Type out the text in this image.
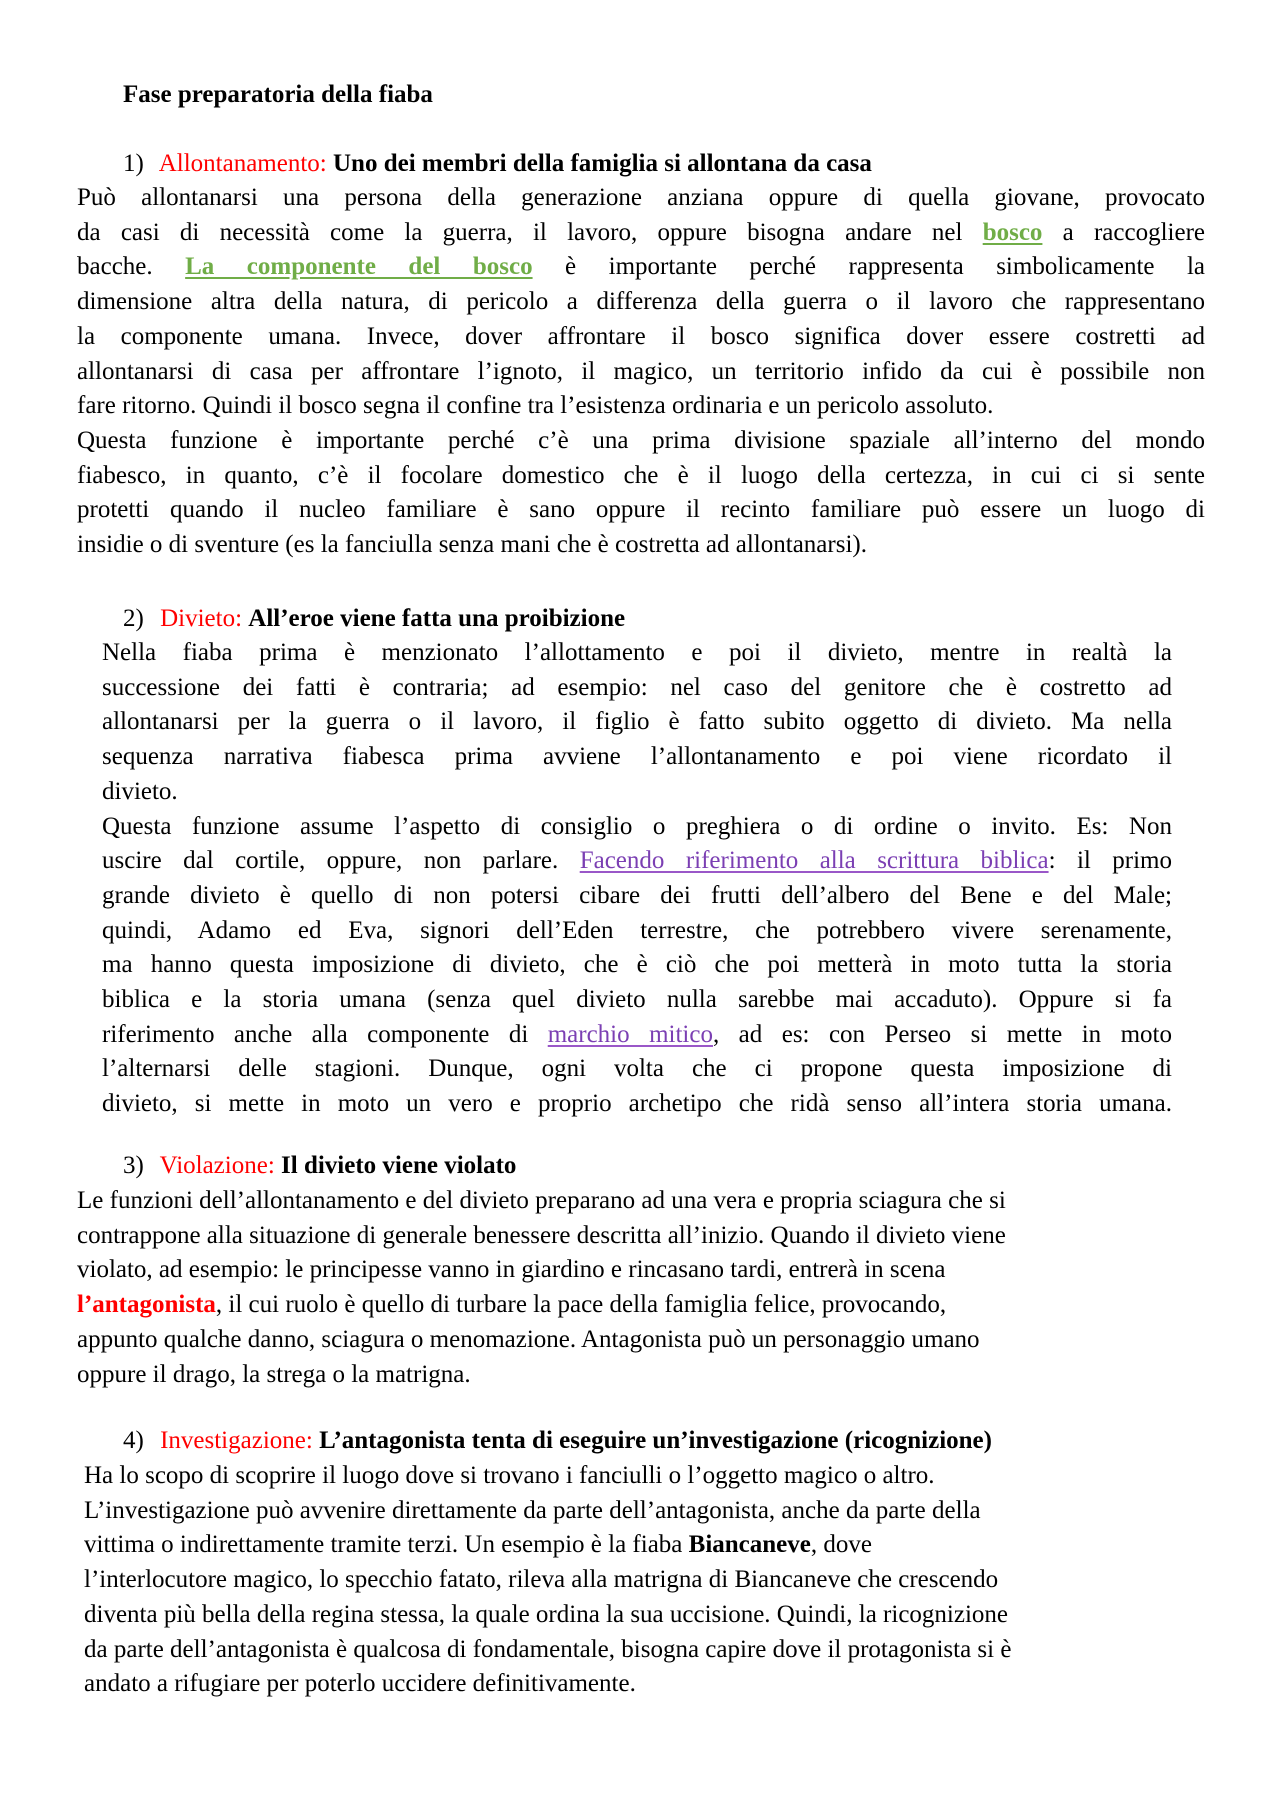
Fase preparatoria della fiaba
1) Allontanamento: Uno dei membri della famiglia si allontana da casa
Può allontanarsi una persona della generazione anziana oppure di quella giovane, provocato
da casi di necessità come la guerra, il lavoro, oppure bisogna andare nel bosco a raccogliere
bacche. La componente del bosco è importante perché rappresenta simbolicamente la
dimensione altra della natura, di pericolo a differenza della guerra o il lavoro che rappresentano
la componente umana. Invece, dover affrontare il bosco significa dover essere costretti ad
allontanarsi di casa per affrontare l’ignoto, il magico, un territorio infido da cui è possibile non
fare ritorno. Quindi il bosco segna il confine tra l’esistenza ordinaria e un pericolo assoluto.
Questa funzione è importante perché c’è una prima divisione spaziale all’interno del mondo
fiabesco, in quanto, c’è il focolare domestico che è il luogo della certezza, in cui ci si sente
protetti quando il nucleo familiare è sano oppure il recinto familiare può essere un luogo di
insidie o di sventure (es la fanciulla senza mani che è costretta ad allontanarsi).
2) Divieto: All’eroe viene fatta una proibizione
Nella fiaba prima è menzionato l’allottamento e poi il divieto, mentre in realtà la
successione dei fatti è contraria; ad esempio: nel caso del genitore che è costretto ad
allontanarsi per la guerra o il lavoro, il figlio è fatto subito oggetto di divieto. Ma nella
sequenza narrativa fiabesca prima avviene l’allontanamento e poi viene ricordato il
divieto.
Questa funzione assume l’aspetto di consiglio o preghiera o di ordine o invito. Es: Non
uscire dal cortile, oppure, non parlare. Facendo riferimento alla scrittura biblica: il primo
grande divieto è quello di non potersi cibare dei frutti dell’albero del Bene e del Male;
quindi, Adamo ed Eva, signori dell’Eden terrestre, che potrebbero vivere serenamente,
ma hanno questa imposizione di divieto, che è ciò che poi metterà in moto tutta la storia
biblica e la storia umana (senza quel divieto nulla sarebbe mai accaduto). Oppure si fa
riferimento anche alla componente di marchio mitico, ad es: con Perseo si mette in moto
l’alternarsi delle stagioni. Dunque, ogni volta che ci propone questa imposizione di
divieto, si mette in moto un vero e proprio archetipo che ridà senso all’intera storia umana.
3) Violazione: Il divieto viene violato
Le funzioni dell’allontanamento e del divieto preparano ad una vera e propria sciagura che si
contrappone alla situazione di generale benessere descritta all’inizio. Quando il divieto viene
violato, ad esempio: le principesse vanno in giardino e rincasano tardi, entrerà in scena
l’antagonista, il cui ruolo è quello di turbare la pace della famiglia felice, provocando,
appunto qualche danno, sciagura o menomazione. Antagonista può un personaggio umano
oppure il drago, la strega o la matrigna.
4) Investigazione: L’antagonista tenta di eseguire un’investigazione (ricognizione)
Ha lo scopo di scoprire il luogo dove si trovano i fanciulli o l’oggetto magico o altro.
L’investigazione può avvenire direttamente da parte dell’antagonista, anche da parte della
vittima o indirettamente tramite terzi. Un esempio è la fiaba Biancaneve, dove
l’interlocutore magico, lo specchio fatato, rileva alla matrigna di Biancaneve che crescendo
diventa più bella della regina stessa, la quale ordina la sua uccisione. Quindi, la ricognizione
da parte dell’antagonista è qualcosa di fondamentale, bisogna capire dove il protagonista si è
andato a rifugiare per poterlo uccidere definitivamente.
